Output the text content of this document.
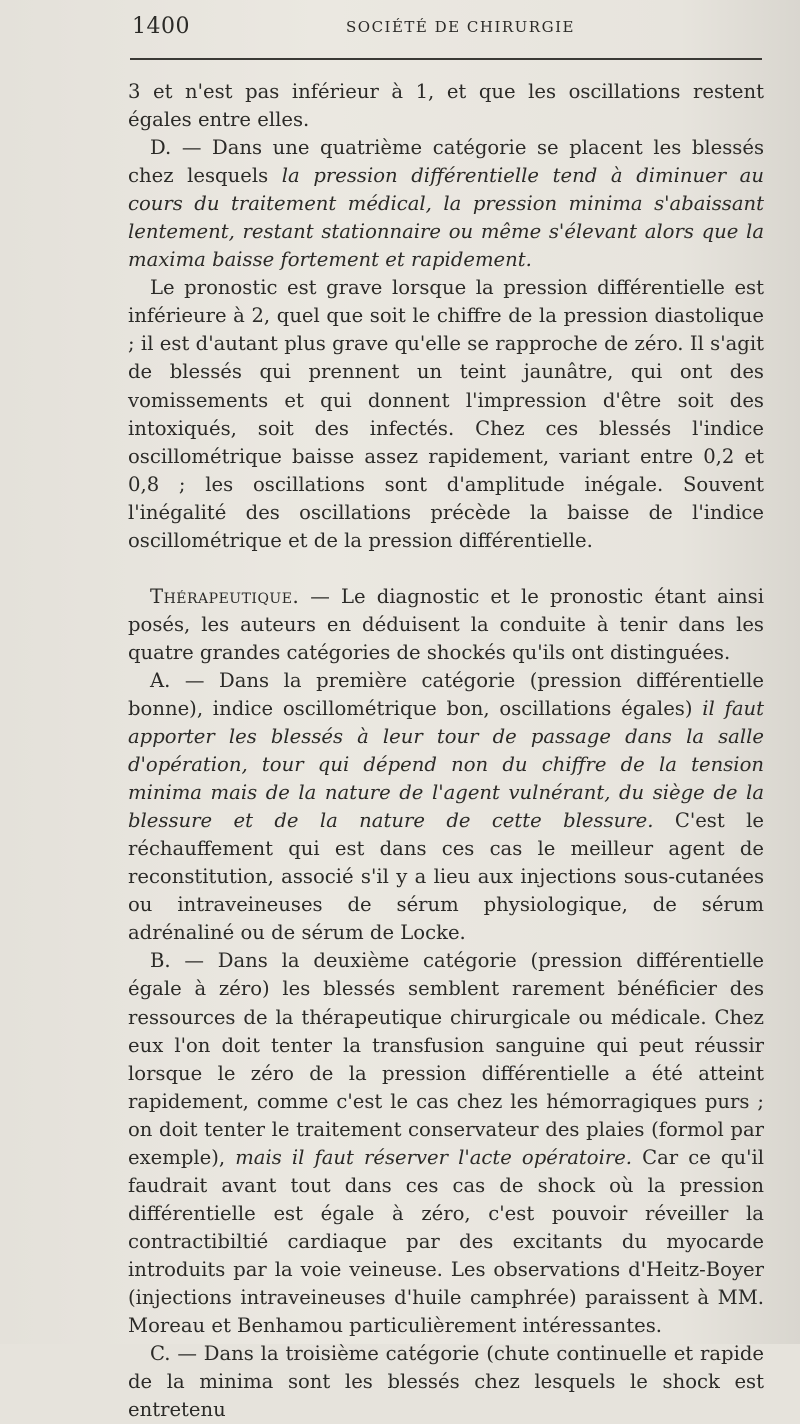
1400	SOCIÉTÉ DE CHIRURGIE

3 et n'est pas inférieur à 1, et que les oscillations restent égales entre elles.

D. — Dans une quatrième catégorie se placent les blessés chez lesquels la pression différentielle tend à diminuer au cours du traitement médical, la pression minima s'abaissant lentement, restant stationnaire ou même s'élevant alors que la maxima baisse fortement et rapidement.

Le pronostic est grave lorsque la pression différentielle est inférieure à 2, quel que soit le chiffre de la pression diastolique ; il est d'autant plus grave qu'elle se rapproche de zéro. Il s'agit de blessés qui prennent un teint jaunâtre, qui ont des vomissements et qui donnent l'impression d'être soit des intoxiqués, soit des infectés. Chez ces blessés l'indice oscillométrique baisse assez rapidement, variant entre 0,2 et 0,8 ; les oscillations sont d'amplitude inégale. Souvent l'inégalité des oscillations précède la baisse de l'indice oscillométrique et de la pression différentielle.

Thérapeutique. — Le diagnostic et le pronostic étant ainsi posés, les auteurs en déduisent la conduite à tenir dans les quatre grandes catégories de shockés qu'ils ont distinguées.

A. — Dans la première catégorie (pression différentielle bonne), indice oscillométrique bon, oscillations égales) il faut apporter les blessés à leur tour de passage dans la salle d'opération, tour qui dépend non du chiffre de la tension minima mais de la nature de l'agent vulnérant, du siège de la blessure et de la nature de cette blessure. C'est le réchauffement qui est dans ces cas le meilleur agent de reconstitution, associé s'il y a lieu aux injections sous-cutanées ou intraveineuses de sérum physiologique, de sérum adrénaliné ou de sérum de Locke.

B. — Dans la deuxième catégorie (pression différentielle égale à zéro) les blessés semblent rarement bénéficier des ressources de la thérapeutique chirurgicale ou médicale. Chez eux l'on doit tenter la transfusion sanguine qui peut réussir lorsque le zéro de la pression différentielle a été atteint rapidement, comme c'est le cas chez les hémorragiques purs ; on doit tenter le traitement conservateur des plaies (formol par exemple), mais il faut réserver l'acte opératoire. Car ce qu'il faudrait avant tout dans ces cas de shock où la pression différentielle est égale à zéro, c'est pouvoir réveiller la contractibiltié cardiaque par des excitants du myocarde introduits par la voie veineuse. Les observations d'Heitz-Boyer (injections intraveineuses d'huile camphrée) paraissent à MM. Moreau et Benhamou particulièrement intéressantes.

C. — Dans la troisième catégorie (chute continuelle et rapide de la minima sont les blessés chez lesquels le shock est entretenu
